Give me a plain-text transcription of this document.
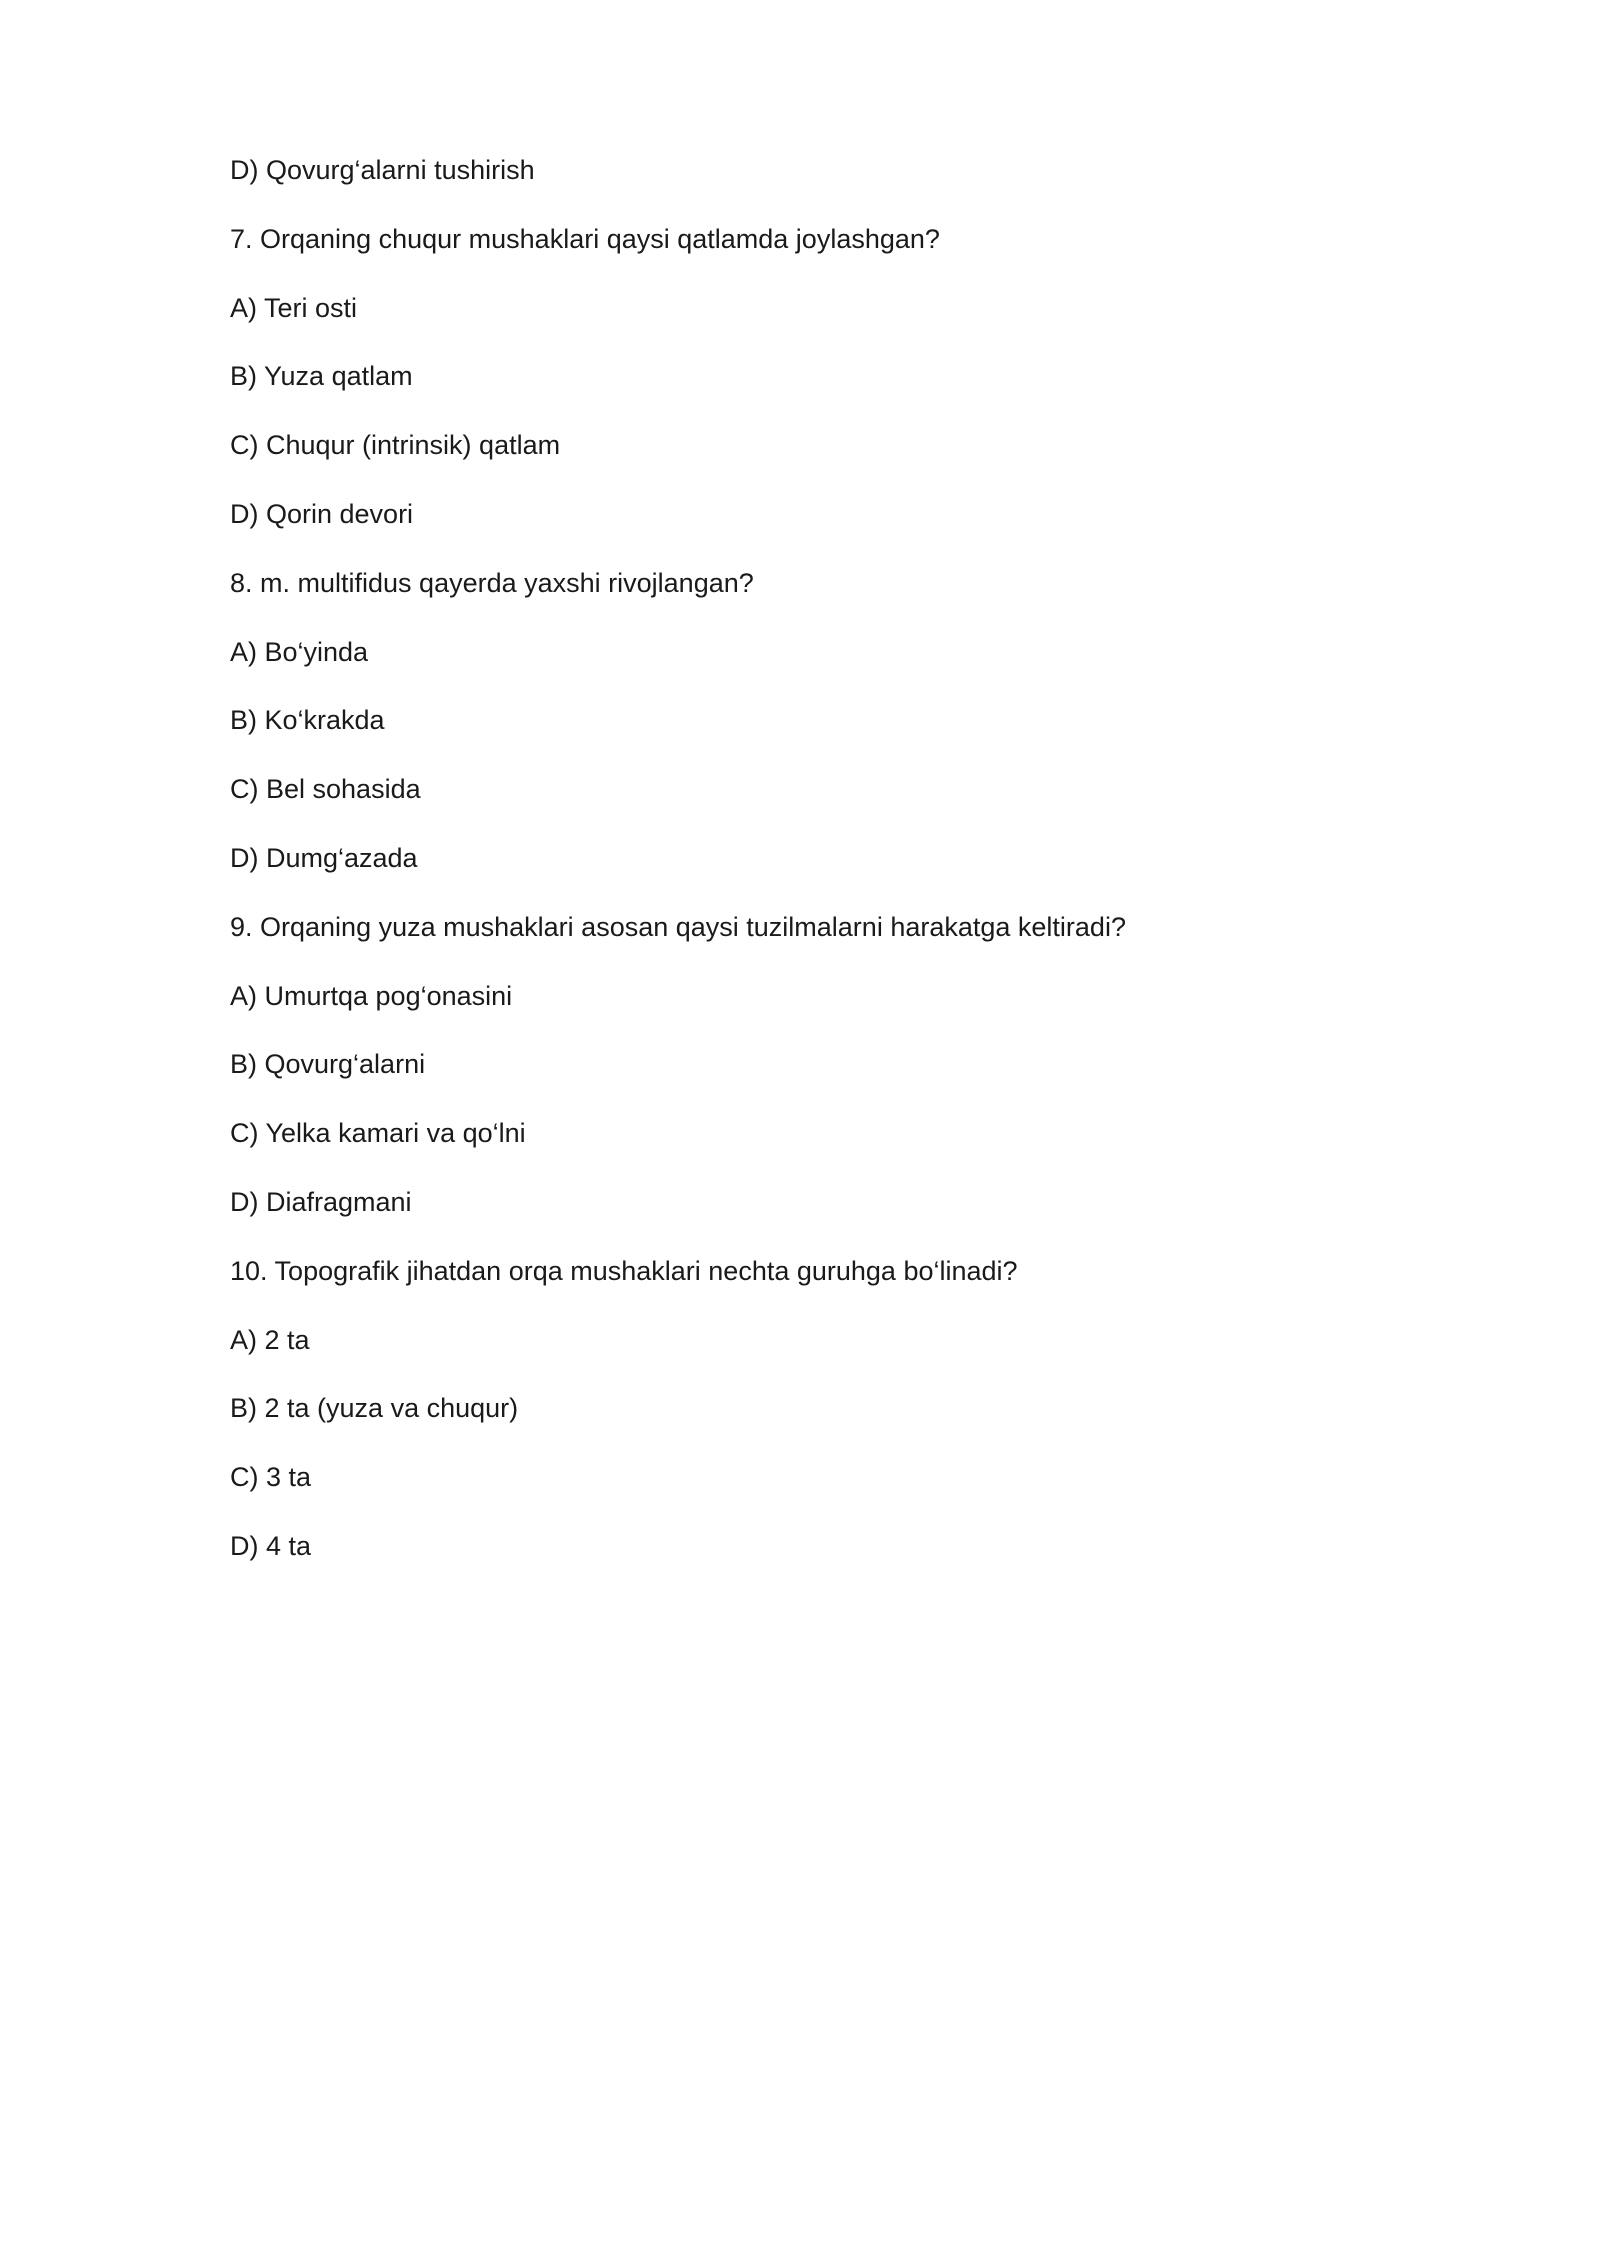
D) Qovurg‘alarni tushirish
7. Orqaning chuqur mushaklari qaysi qatlamda joylashgan?
A) Teri osti
B) Yuza qatlam
C) Chuqur (intrinsik) qatlam
D) Qorin devori
8. m. multifidus qayerda yaxshi rivojlangan?
A) Bo‘yinda
B) Ko‘krakda
C) Bel sohasida
D) Dumg‘azada
9. Orqaning yuza mushaklari asosan qaysi tuzilmalarni harakatga keltiradi?
A) Umurtqa pog‘onasini
B) Qovurg‘alarni
C) Yelka kamari va qo‘lni
D) Diafragmani
10. Topografik jihatdan orqa mushaklari nechta guruhga bo‘linadi?
A) 2 ta
B) 2 ta (yuza va chuqur)
C) 3 ta
D) 4 ta
